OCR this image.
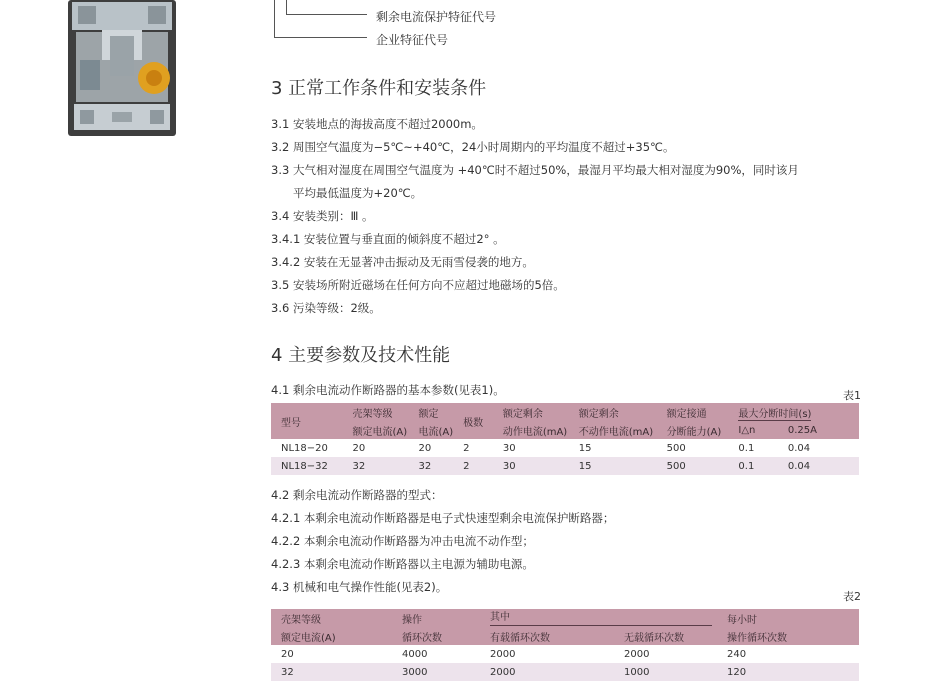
剩余电流保护特征代号
企业特征代号
3 正常工作条件和安装条件
3.1 安装地点的海拔高度不超过2000m。
3.2 周围空气温度为−5℃~+40℃，24小时周期内的平均温度不超过+35℃。
3.3 大气相对湿度在周围空气温度为 +40℃时不超过50%，最湿月平均最大相对湿度为90%，同时该月
平均最低温度为+20℃。
3.4 安装类别：Ⅲ 。
3.4.1 安装位置与垂直面的倾斜度不超过2° 。
3.4.2 安装在无显著冲击振动及无雨雪侵袭的地方。
3.5 安装场所附近磁场在任何方向不应超过地磁场的5倍。
3.6 污染等级：2级。
4 主要参数及技术性能
4.1 剩余电流动作断路器的基本参数(见表1)。	表1
型号	壳架等级	额定	极数	额定剩余	额定剩余	额定接通	最大分断时间(s)	
	额定电流(A)	电流(A)		动作电流(mA)	不动作电流(mA)	分断能力(A)	I△n	0.25A
NL18−20	20	20	2	30	15	500	0.1	0.04
NL18−32	32	32	2	30	15	500	0.1	0.04
4.2 剩余电流动作断路器的型式：
4.2.1 本剩余电流动作断路器是电子式快速型剩余电流保护断路器；
4.2.2 本剩余电流动作断路器为冲击电流不动作型；
4.2.3 本剩余电流动作断路器以主电源为辅助电源。
4.3 机械和电气操作性能(见表2)。
表2
壳架等级	操作	其中		每小时
额定电流(A)	循环次数	有载循环次数	无载循环次数	操作循环次数
20	4000	2000	2000	240
32	3000	2000	1000	120
